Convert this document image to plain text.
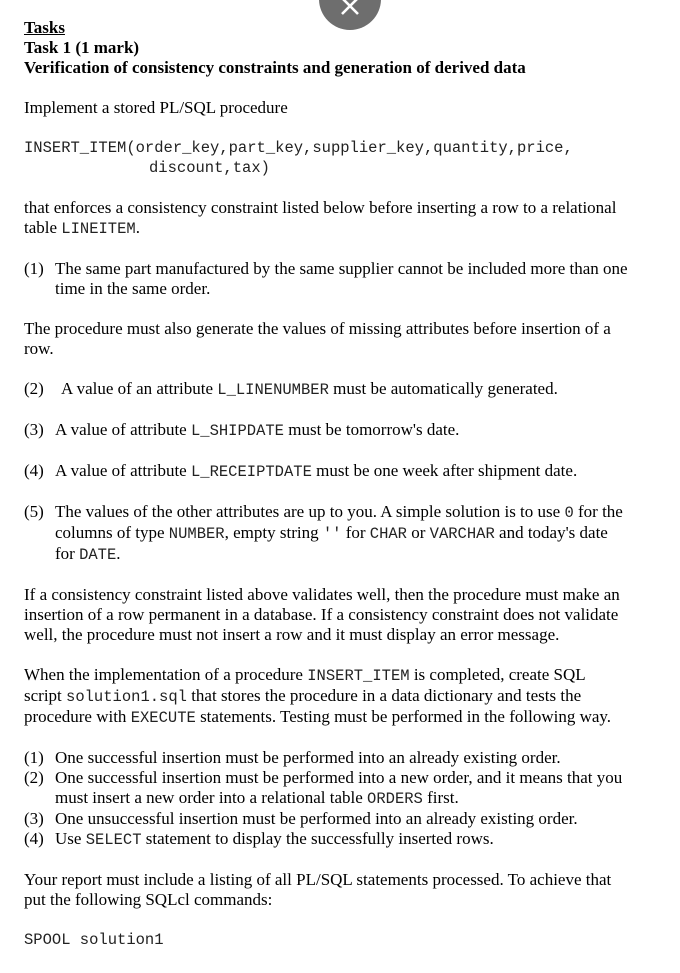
Tasks
Task 1 (1 mark)
Verification of consistency constraints and generation of derived data
Implement a stored PL/SQL procedure
INSERT_ITEM(order_key,part_key,supplier_key,quantity,price,
discount,tax)
that enforces a consistency constraint listed below before inserting a row to a relational
table LINEITEM.
(1) The same part manufactured by the same supplier cannot be included more than one
time in the same order.
The procedure must also generate the values of missing attributes before insertion of a
row.
(2)	A value of an attribute L_LINENUMBER must be automatically generated.
(3) A value of attribute L_SHIPDATE must be tomorrow's date.
(4) A value of attribute L_RECEIPTDATE must be one week after shipment date.
(5) The values of the other attributes are up to you. A simple solution is to use 0 for the
columns of type NUMBER, empty string '' for CHAR or VARCHAR and today's date
for DATE.
If a consistency constraint listed above validates well, then the procedure must make an
insertion of a row permanent in a database. If a consistency constraint does not validate
well, the procedure must not insert a row and it must display an error message.
When the implementation of a procedure INSERT_ITEM is completed, create SQL
script solution1.sql that stores the procedure in a data dictionary and tests the
procedure with EXECUTE statements. Testing must be performed in the following way.
(1) One successful insertion must be performed into an already existing order.
(2) One successful insertion must be performed into a new order, and it means that you
must insert a new order into a relational table ORDERS first.
(3) One unsuccessful insertion must be performed into an already existing order.
(4) Use SELECT statement to display the successfully inserted rows.
Your report must include a listing of all PL/SQL statements processed. To achieve that
put the following SQLcl commands:
SPOOL solution1
